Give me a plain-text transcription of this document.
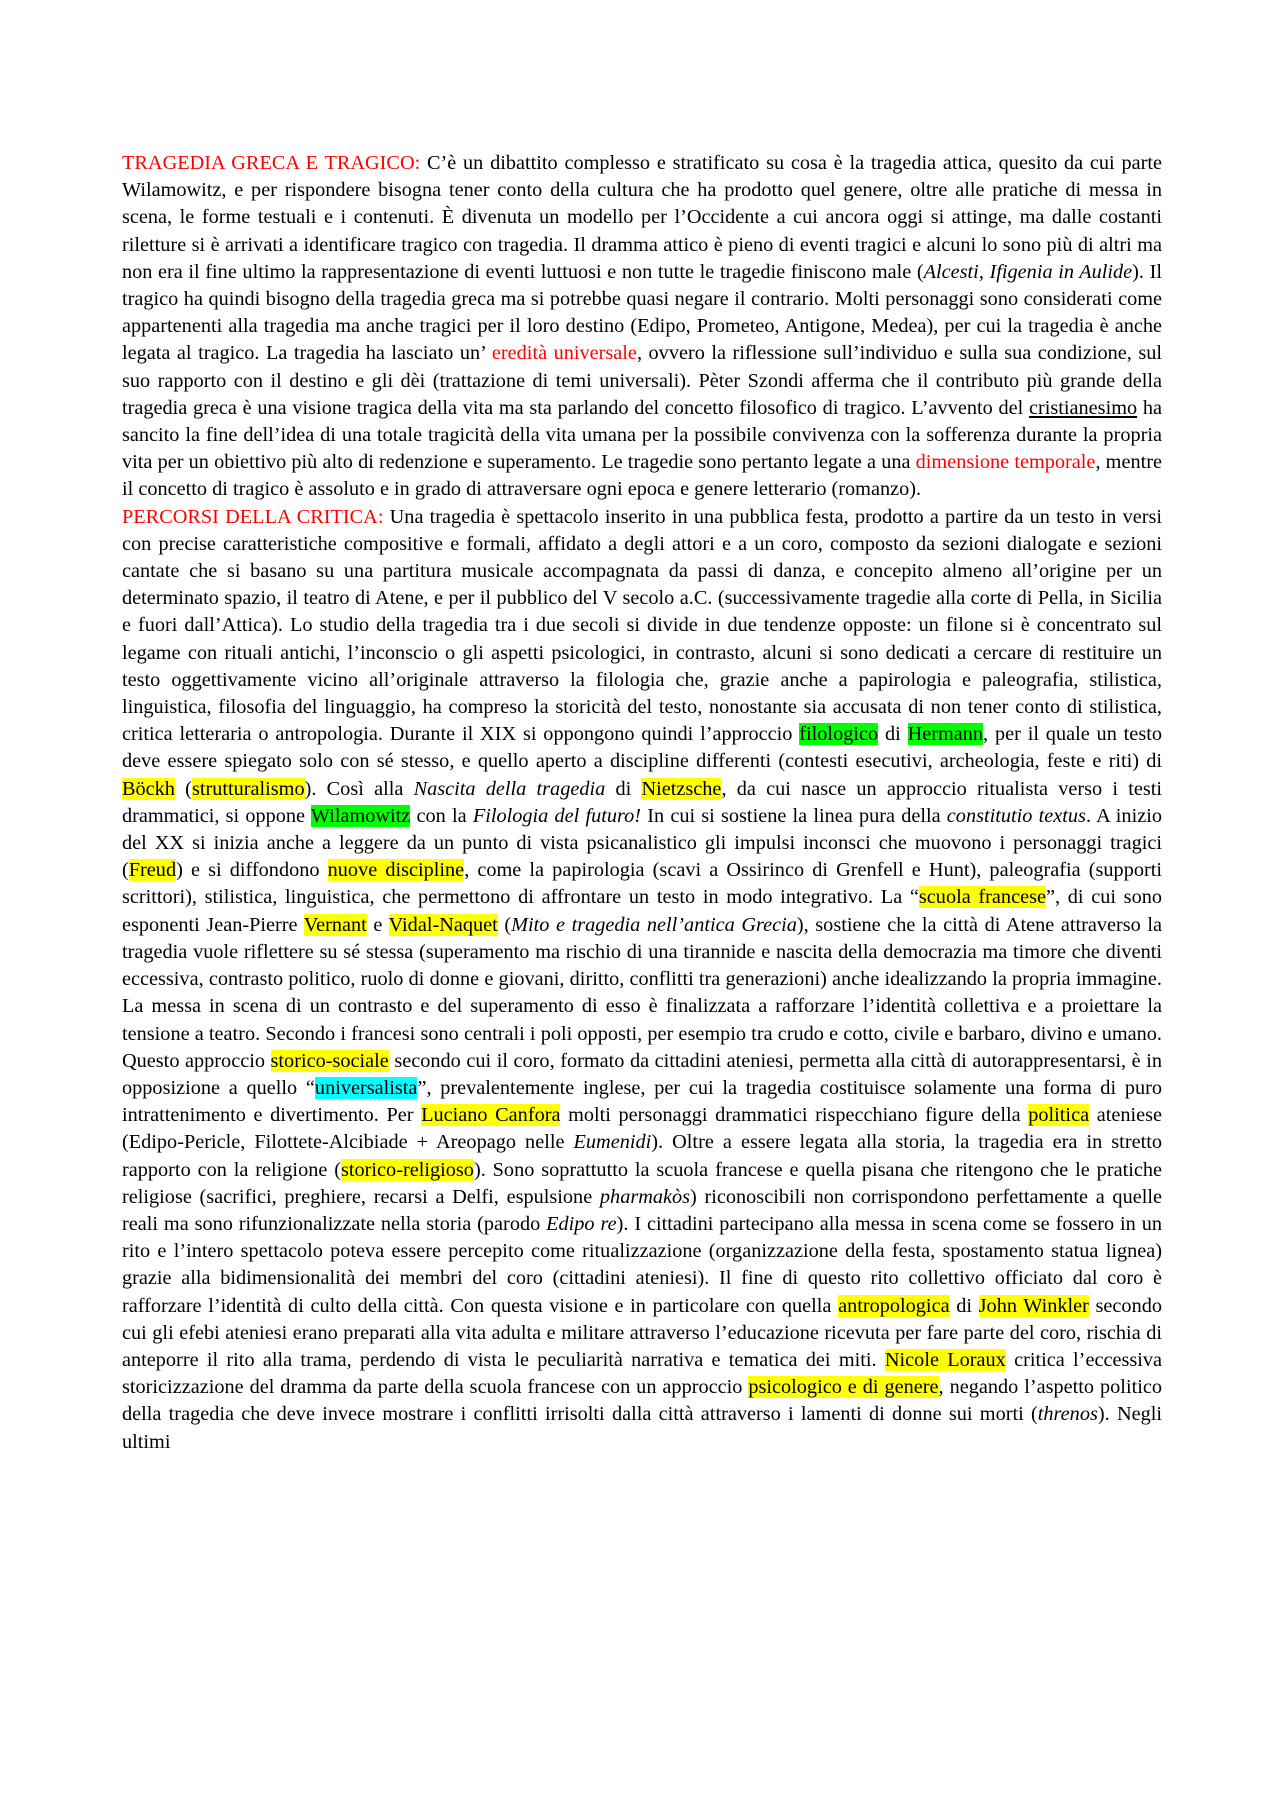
TRAGEDIA GRECA E TRAGICO: C’è un dibattito complesso e stratificato su cosa è la tragedia attica, quesito da cui parte Wilamowitz, e per rispondere bisogna tener conto della cultura che ha prodotto quel genere, oltre alle pratiche di messa in scena, le forme testuali e i contenuti. È divenuta un modello per l’Occidente a cui ancora oggi si attinge, ma dalle costanti riletture si è arrivati a identificare tragico con tragedia. Il dramma attico è pieno di eventi tragici e alcuni lo sono più di altri ma non era il fine ultimo la rappresentazione di eventi luttuosi e non tutte le tragedie finiscono male (Alcesti, Ifigenia in Aulide). Il tragico ha quindi bisogno della tragedia greca ma si potrebbe quasi negare il contrario. Molti personaggi sono considerati come appartenenti alla tragedia ma anche tragici per il loro destino (Edipo, Prometeo, Antigone, Medea), per cui la tragedia è anche legata al tragico. La tragedia ha lasciato un’ eredità universale, ovvero la riflessione sull’individuo e sulla sua condizione, sul suo rapporto con il destino e gli dèi (trattazione di temi universali). Pèter Szondi afferma che il contributo più grande della tragedia greca è una visione tragica della vita ma sta parlando del concetto filosofico di tragico. L’avvento del cristianesimo ha sancito la fine dell’idea di una totale tragicità della vita umana per la possibile convivenza con la sofferenza durante la propria vita per un obiettivo più alto di redenzione e superamento. Le tragedie sono pertanto legate a una dimensione temporale, mentre il concetto di tragico è assoluto e in grado di attraversare ogni epoca e genere letterario (romanzo).

PERCORSI DELLA CRITICA: Una tragedia è spettacolo inserito in una pubblica festa, prodotto a partire da un testo in versi con precise caratteristiche compositive e formali, affidato a degli attori e a un coro, composto da sezioni dialogate e sezioni cantate che si basano su una partitura musicale accompagnata da passi di danza, e concepito almeno all’origine per un determinato spazio, il teatro di Atene, e per il pubblico del V secolo a.C. (successivamente tragedie alla corte di Pella, in Sicilia e fuori dall’Attica). Lo studio della tragedia tra i due secoli si divide in due tendenze opposte: un filone si è concentrato sul legame con rituali antichi, l’inconscio o gli aspetti psicologici, in contrasto, alcuni si sono dedicati a cercare di restituire un testo oggettivamente vicino all’originale attraverso la filologia che, grazie anche a papirologia e paleografia, stilistica, linguistica, filosofia del linguaggio, ha compreso la storicità del testo, nonostante sia accusata di non tener conto di stilistica, critica letteraria o antropologia. Durante il XIX si oppongono quindi l’approccio filologico di Hermann, per il quale un testo deve essere spiegato solo con sé stesso, e quello aperto a discipline differenti (contesti esecutivi, archeologia, feste e riti) di Böckh (strutturalismo). Così alla Nascita della tragedia di Nietzsche, da cui nasce un approccio ritualista verso i testi drammatici, si oppone Wilamowitz con la Filologia del futuro! In cui si sostiene la linea pura della constitutio textus. A inizio del XX si inizia anche a leggere da un punto di vista psicanalistico gli impulsi inconsci che muovono i personaggi tragici (Freud) e si diffondono nuove discipline, come la papirologia (scavi a Ossirinco di Grenfell e Hunt), paleografia (supporti scrittori), stilistica, linguistica, che permettono di affrontare un testo in modo integrativo. La “scuola francese”, di cui sono esponenti Jean-Pierre Vernant e Vidal-Naquet (Mito e tragedia nell’antica Grecia), sostiene che la città di Atene attraverso la tragedia vuole riflettere su sé stessa (superamento ma rischio di una tirannide e nascita della democrazia ma timore che diventi eccessiva, contrasto politico, ruolo di donne e giovani, diritto, conflitti tra generazioni) anche idealizzando la propria immagine. La messa in scena di un contrasto e del superamento di esso è finalizzata a rafforzare l’identità collettiva e a proiettare la tensione a teatro. Secondo i francesi sono centrali i poli opposti, per esempio tra crudo e cotto, civile e barbaro, divino e umano. Questo approccio storico-sociale secondo cui il coro, formato da cittadini ateniesi, permetta alla città di autorappresentarsi, è in opposizione a quello “universalista”, prevalentemente inglese, per cui la tragedia costituisce solamente una forma di puro intrattenimento e divertimento. Per Luciano Canfora molti personaggi drammatici rispecchiano figure della politica ateniese (Edipo-Pericle, Filottete-Alcibiade + Areopago nelle Eumenidi). Oltre a essere legata alla storia, la tragedia era in stretto rapporto con la religione (storico-religioso). Sono soprattutto la scuola francese e quella pisana che ritengono che le pratiche religiose (sacrifici, preghiere, recarsi a Delfi, espulsione pharmakòs) riconoscibili non corrispondono perfettamente a quelle reali ma sono rifunzionalizzate nella storia (parodo Edipo re). I cittadini partecipano alla messa in scena come se fossero in un rito e l’intero spettacolo poteva essere percepito come ritualizzazione (organizzazione della festa, spostamento statua lignea) grazie alla bidimensionalità dei membri del coro (cittadini ateniesi). Il fine di questo rito collettivo officiato dal coro è rafforzare l’identità di culto della città. Con questa visione e in particolare con quella antropologica di John Winkler secondo cui gli efebi ateniesi erano preparati alla vita adulta e militare attraverso l’educazione ricevuta per fare parte del coro, rischia di anteporre il rito alla trama, perdendo di vista le peculiarità narrativa e tematica dei miti. Nicole Loraux critica l’eccessiva storicizzazione del dramma da parte della scuola francese con un approccio psicologico e di genere, negando l’aspetto politico della tragedia che deve invece mostrare i conflitti irrisolti dalla città attraverso i lamenti di donne sui morti (threnos). Negli ultimi
